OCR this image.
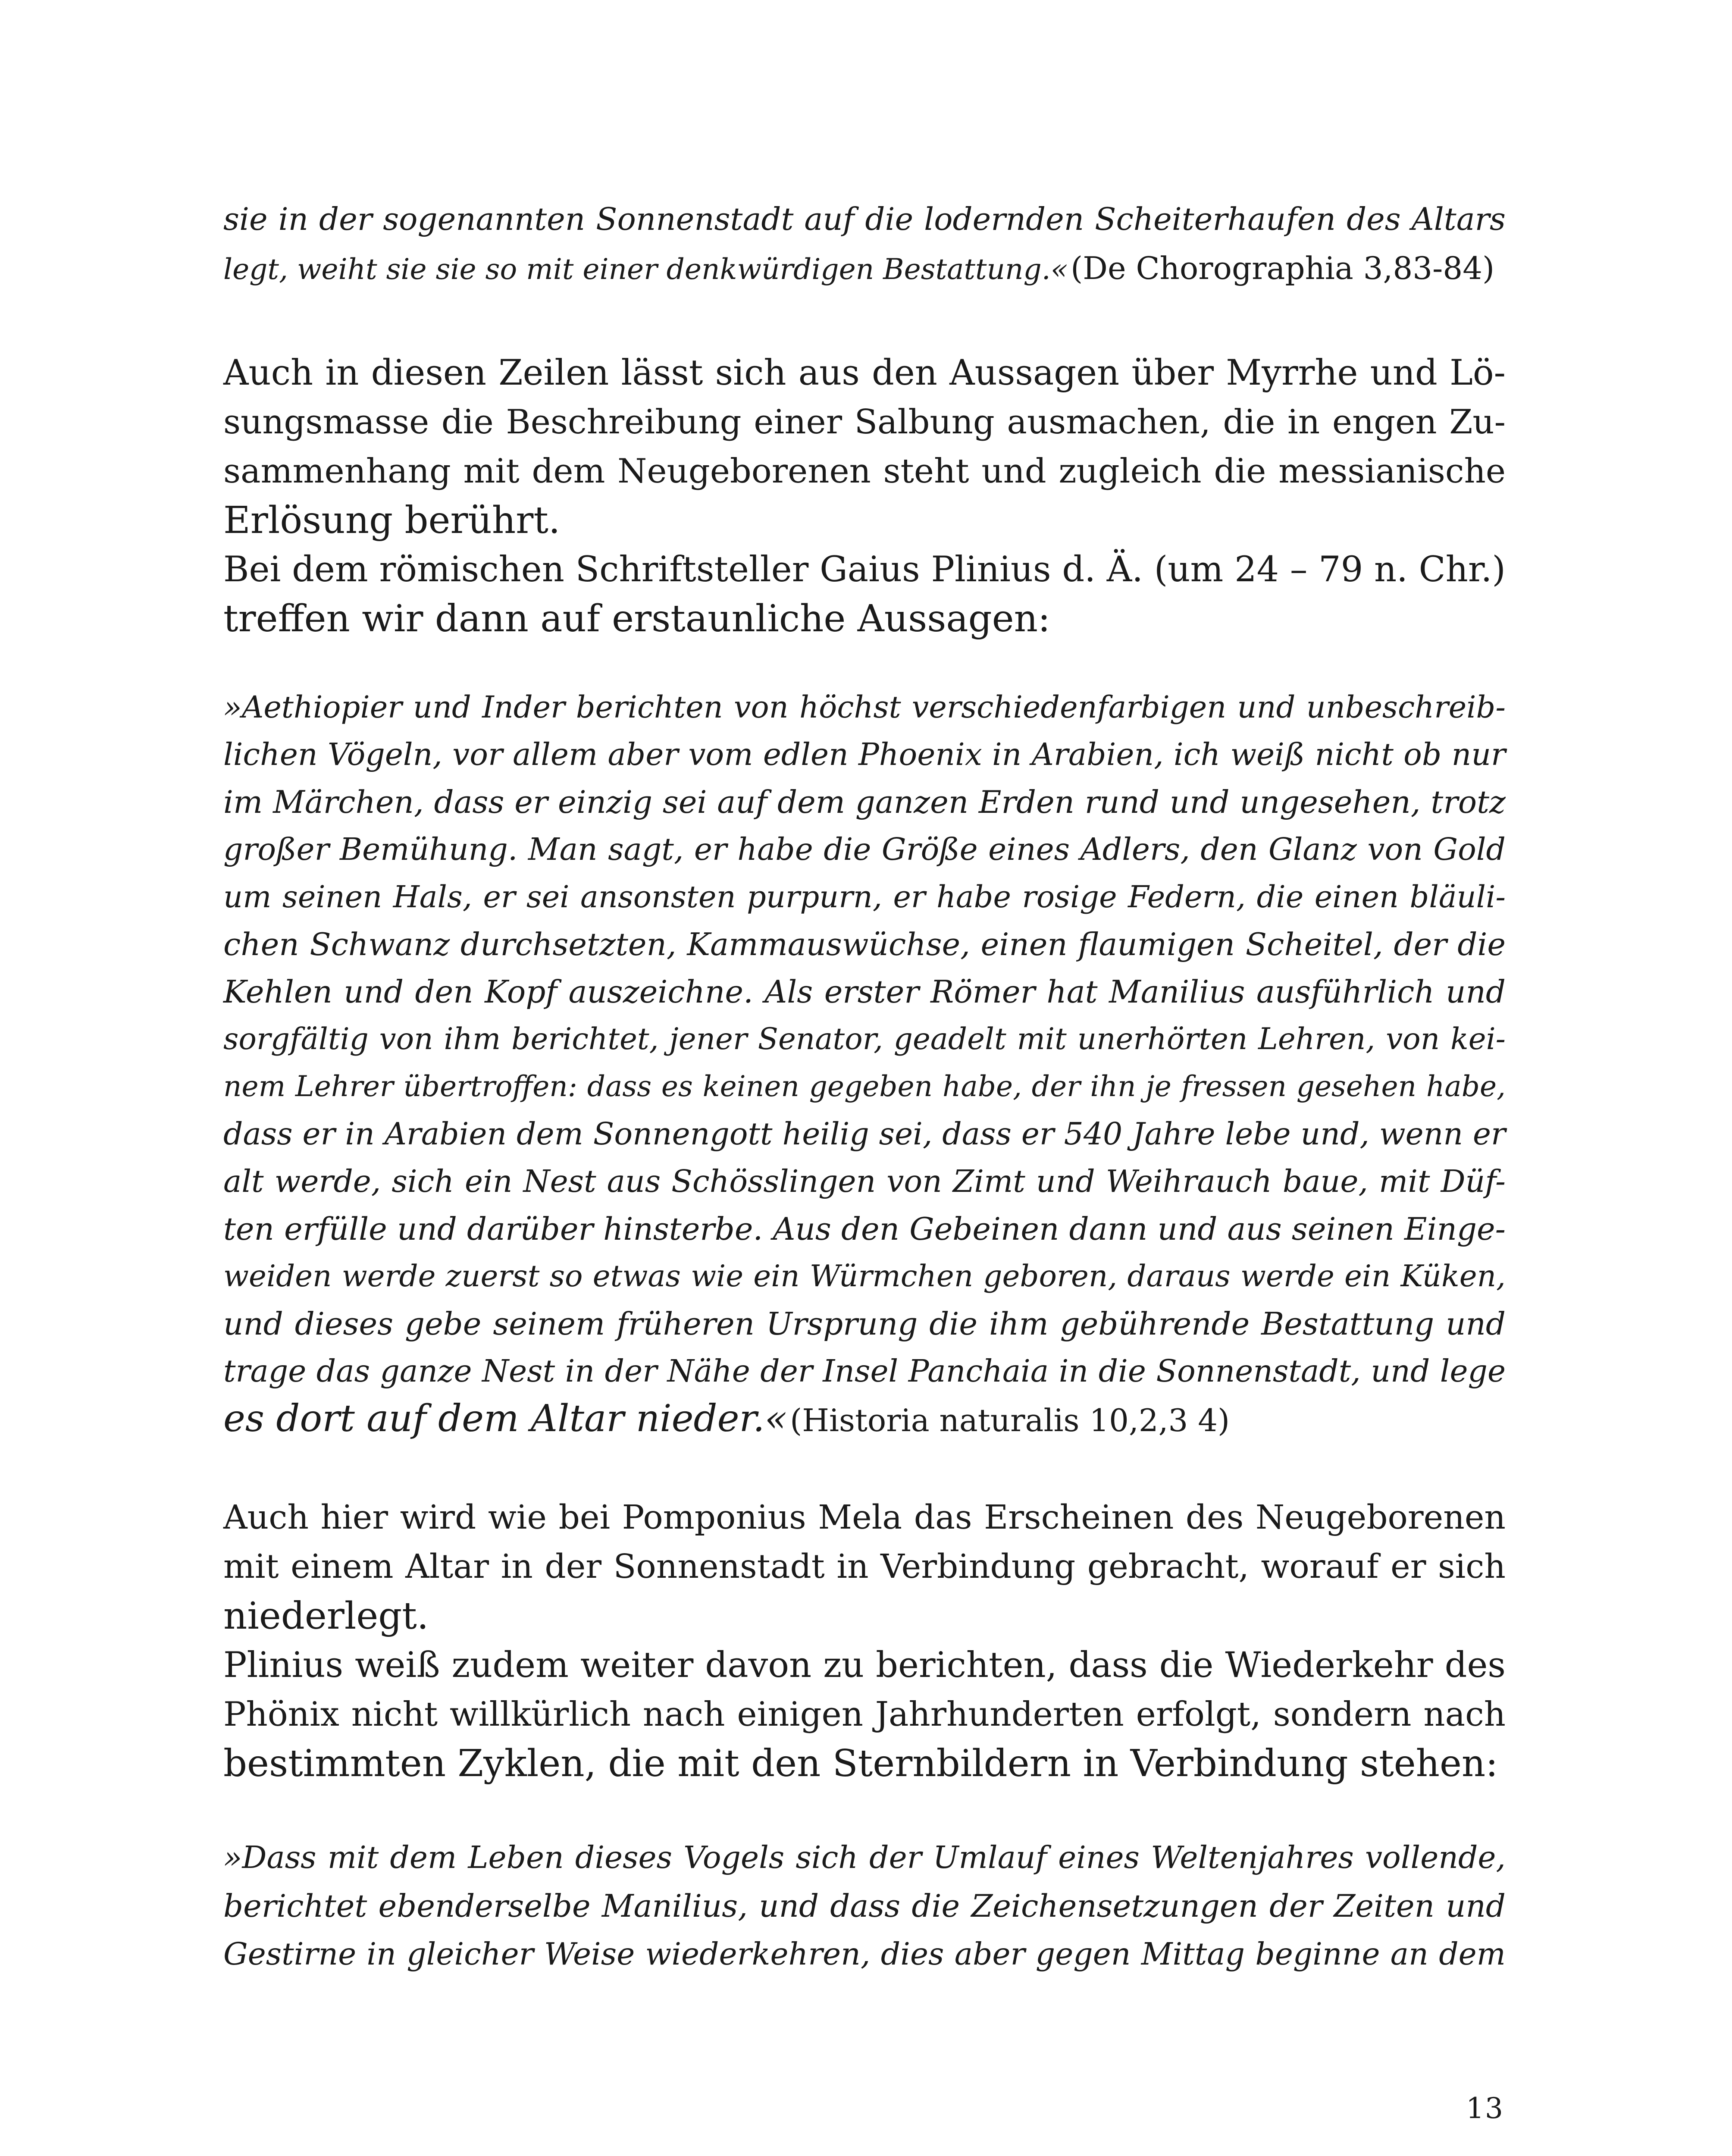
sie in der sogenannten Sonnenstadt auf die lodernden Scheiterhaufen des Altars
legt, weiht sie sie so mit einer denkwürdigen Bestattung.«(De Chorographia 3,83-84)
Auch in diesen Zeilen lässt sich aus den Aussagen über Myrrhe und Lö-
sungsmasse die Beschreibung einer Salbung ausmachen, die in engen Zu-
sammenhang mit dem Neugeborenen steht und zugleich die messianische
Erlösung berührt.
Bei dem römischen Schriftsteller Gaius Plinius d. Ä. (um 24 – 79 n. Chr.)
treffen wir dann auf erstaunliche Aussagen:
»Aethiopier und Inder berichten von höchst verschiedenfarbigen und unbeschreib-
lichen Vögeln, vor allem aber vom edlen Phoenix in Arabien, ich weiß nicht ob nur
im Märchen, dass er einzig sei auf dem ganzen Erden rund und ungesehen, trotz
großer Bemühung. Man sagt, er habe die Größe eines Adlers, den Glanz von Gold
um seinen Hals, er sei ansonsten purpurn, er habe rosige Federn, die einen bläuli-
chen Schwanz durchsetzten, Kammauswüchse, einen flaumigen Scheitel, der die
Kehlen und den Kopf auszeichne. Als erster Römer hat Manilius ausführlich und
sorgfältig von ihm berichtet, jener Senator, geadelt mit unerhörten Lehren, von kei-
nem Lehrer übertroffen: dass es keinen gegeben habe, der ihn je fressen gesehen habe,
dass er in Arabien dem Sonnengott heilig sei, dass er 540 Jahre lebe und, wenn er
alt werde, sich ein Nest aus Schösslingen von Zimt und Weihrauch baue, mit Düf-
ten erfülle und darüber hinsterbe. Aus den Gebeinen dann und aus seinen Einge-
weiden werde zuerst so etwas wie ein Würmchen geboren, daraus werde ein Küken,
und dieses gebe seinem früheren Ursprung die ihm gebührende Bestattung und
trage das ganze Nest in der Nähe der Insel Panchaia in die Sonnenstadt, und lege
es dort auf dem Altar nieder.«(Historia naturalis 10,2,3 4)
Auch hier wird wie bei Pomponius Mela das Erscheinen des Neugeborenen
mit einem Altar in der Sonnenstadt in Verbindung gebracht, worauf er sich
niederlegt.
Plinius weiß zudem weiter davon zu berichten, dass die Wiederkehr des
Phönix nicht willkürlich nach einigen Jahrhunderten erfolgt, sondern nach
bestimmten Zyklen, die mit den Sternbildern in Verbindung stehen:
»Dass mit dem Leben dieses Vogels sich der Umlauf eines Weltenjahres vollende,
berichtet ebenderselbe Manilius, und dass die Zeichensetzungen der Zeiten und
Gestirne in gleicher Weise wiederkehren, dies aber gegen Mittag beginne an dem
13
